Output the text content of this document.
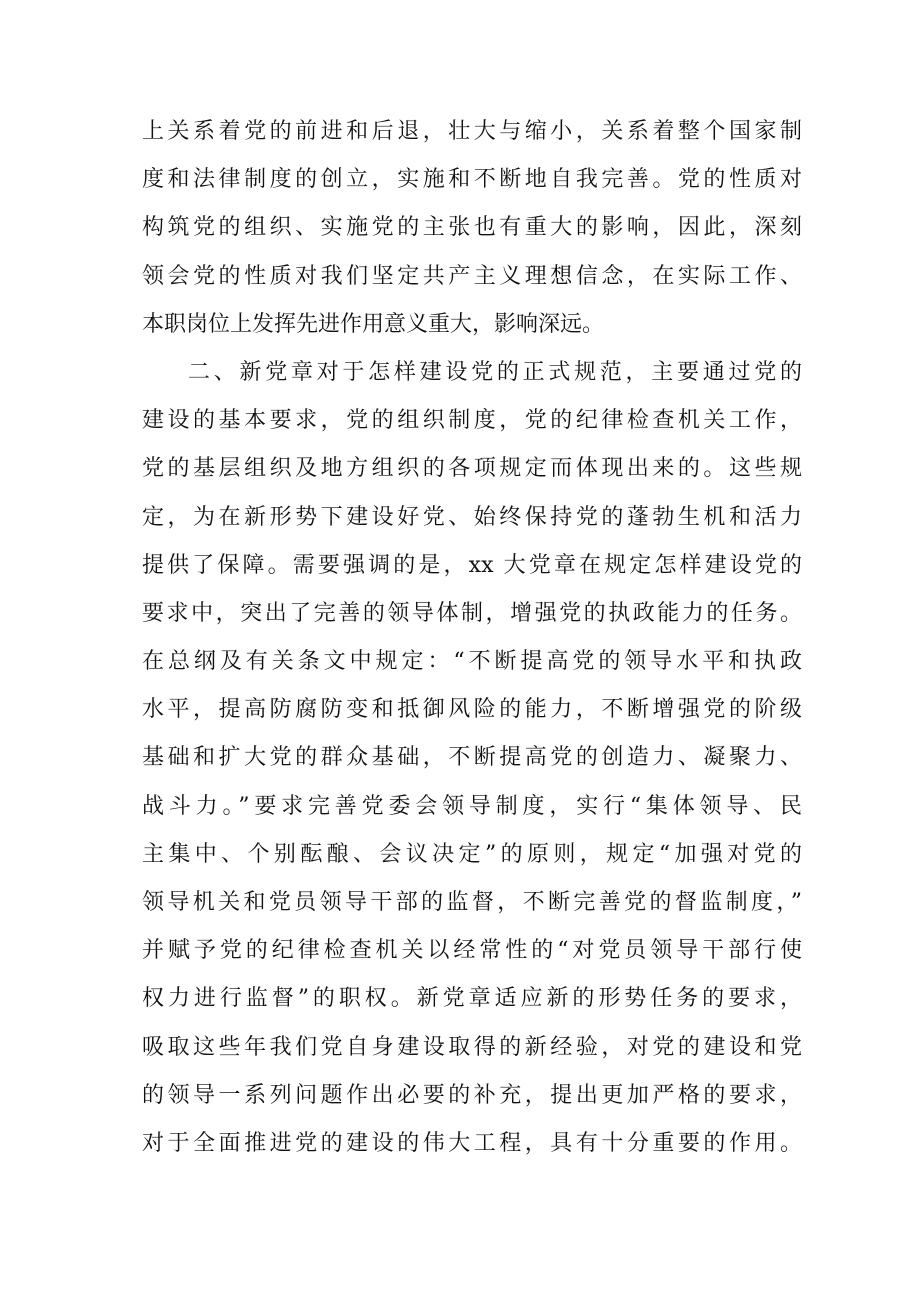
上关系着党的前进和后退，壮大与缩小，关系着整个国家制
度和法律制度的创立，实施和不断地自我完善。党的性质对
构筑党的组织、实施党的主张也有重大的影响，因此，深刻
领会党的性质对我们坚定共产主义理想信念，在实际工作、
本职岗位上发挥先进作用意义重大，影响深远。
二、新党章对于怎样建设党的正式规范，主要通过党的
建设的基本要求，党的组织制度，党的纪律检查机关工作，
党的基层组织及地方组织的各项规定而体现出来的。这些规
定，为在新形势下建设好党、始终保持党的蓬勃生机和活力
提供了保障。需要强调的是，xx 大党章在规定怎样建设党的
要求中，突出了完善的领导体制，增强党的执政能力的任务。
在总纲及有关条文中规定：“不断提高党的领导水平和执政
水平，提高防腐防变和抵御风险的能力，不断增强党的阶级
基础和扩大党的群众基础，不断提高党的创造力、凝聚力、
战斗力。”要求完善党委会领导制度，实行“集体领导、民
主集中、个别酝酿、会议决定”的原则，规定“加强对党的
领导机关和党员领导干部的监督，不断完善党的督监制度，”
并赋予党的纪律检查机关以经常性的“对党员领导干部行使
权力进行监督”的职权。新党章适应新的形势任务的要求，
吸取这些年我们党自身建设取得的新经验，对党的建设和党
的领导一系列问题作出必要的补充，提出更加严格的要求，
对于全面推进党的建设的伟大工程，具有十分重要的作用。
